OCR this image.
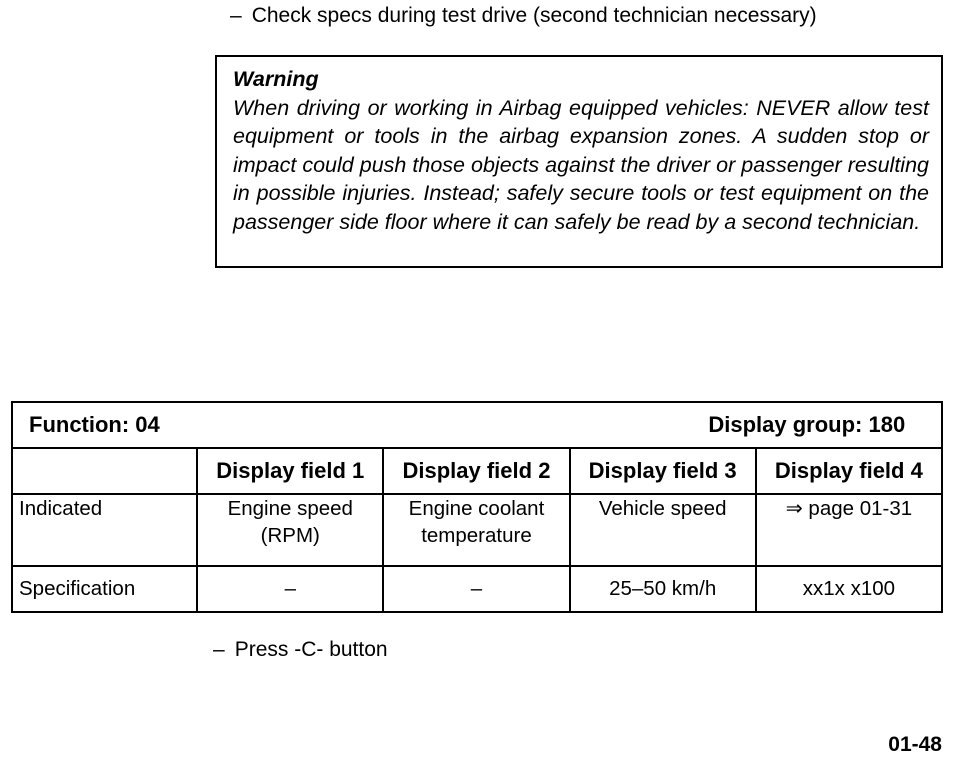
– Check specs during test drive (second technician necessary)
Warning
When driving or working in Airbag equipped vehicles: NEVER allow test equipment or tools in the airbag expansion zones. A sudden stop or impact could push those objects against the driver or passenger resulting in possible injuries. Instead; safely secure tools or test equipment on the passenger side floor where it can safely be read by a second technician.
Function: 04		Display group: 180		
	Display field 1	Display field 2	Display field 3	Display field 4
Indicated	Engine speed (RPM)	Engine coolant temperature	Vehicle speed	⇒ page 01-31
Specification	–	–	25–50 km/h	xx1x x100
– Press -C- button
01-48
